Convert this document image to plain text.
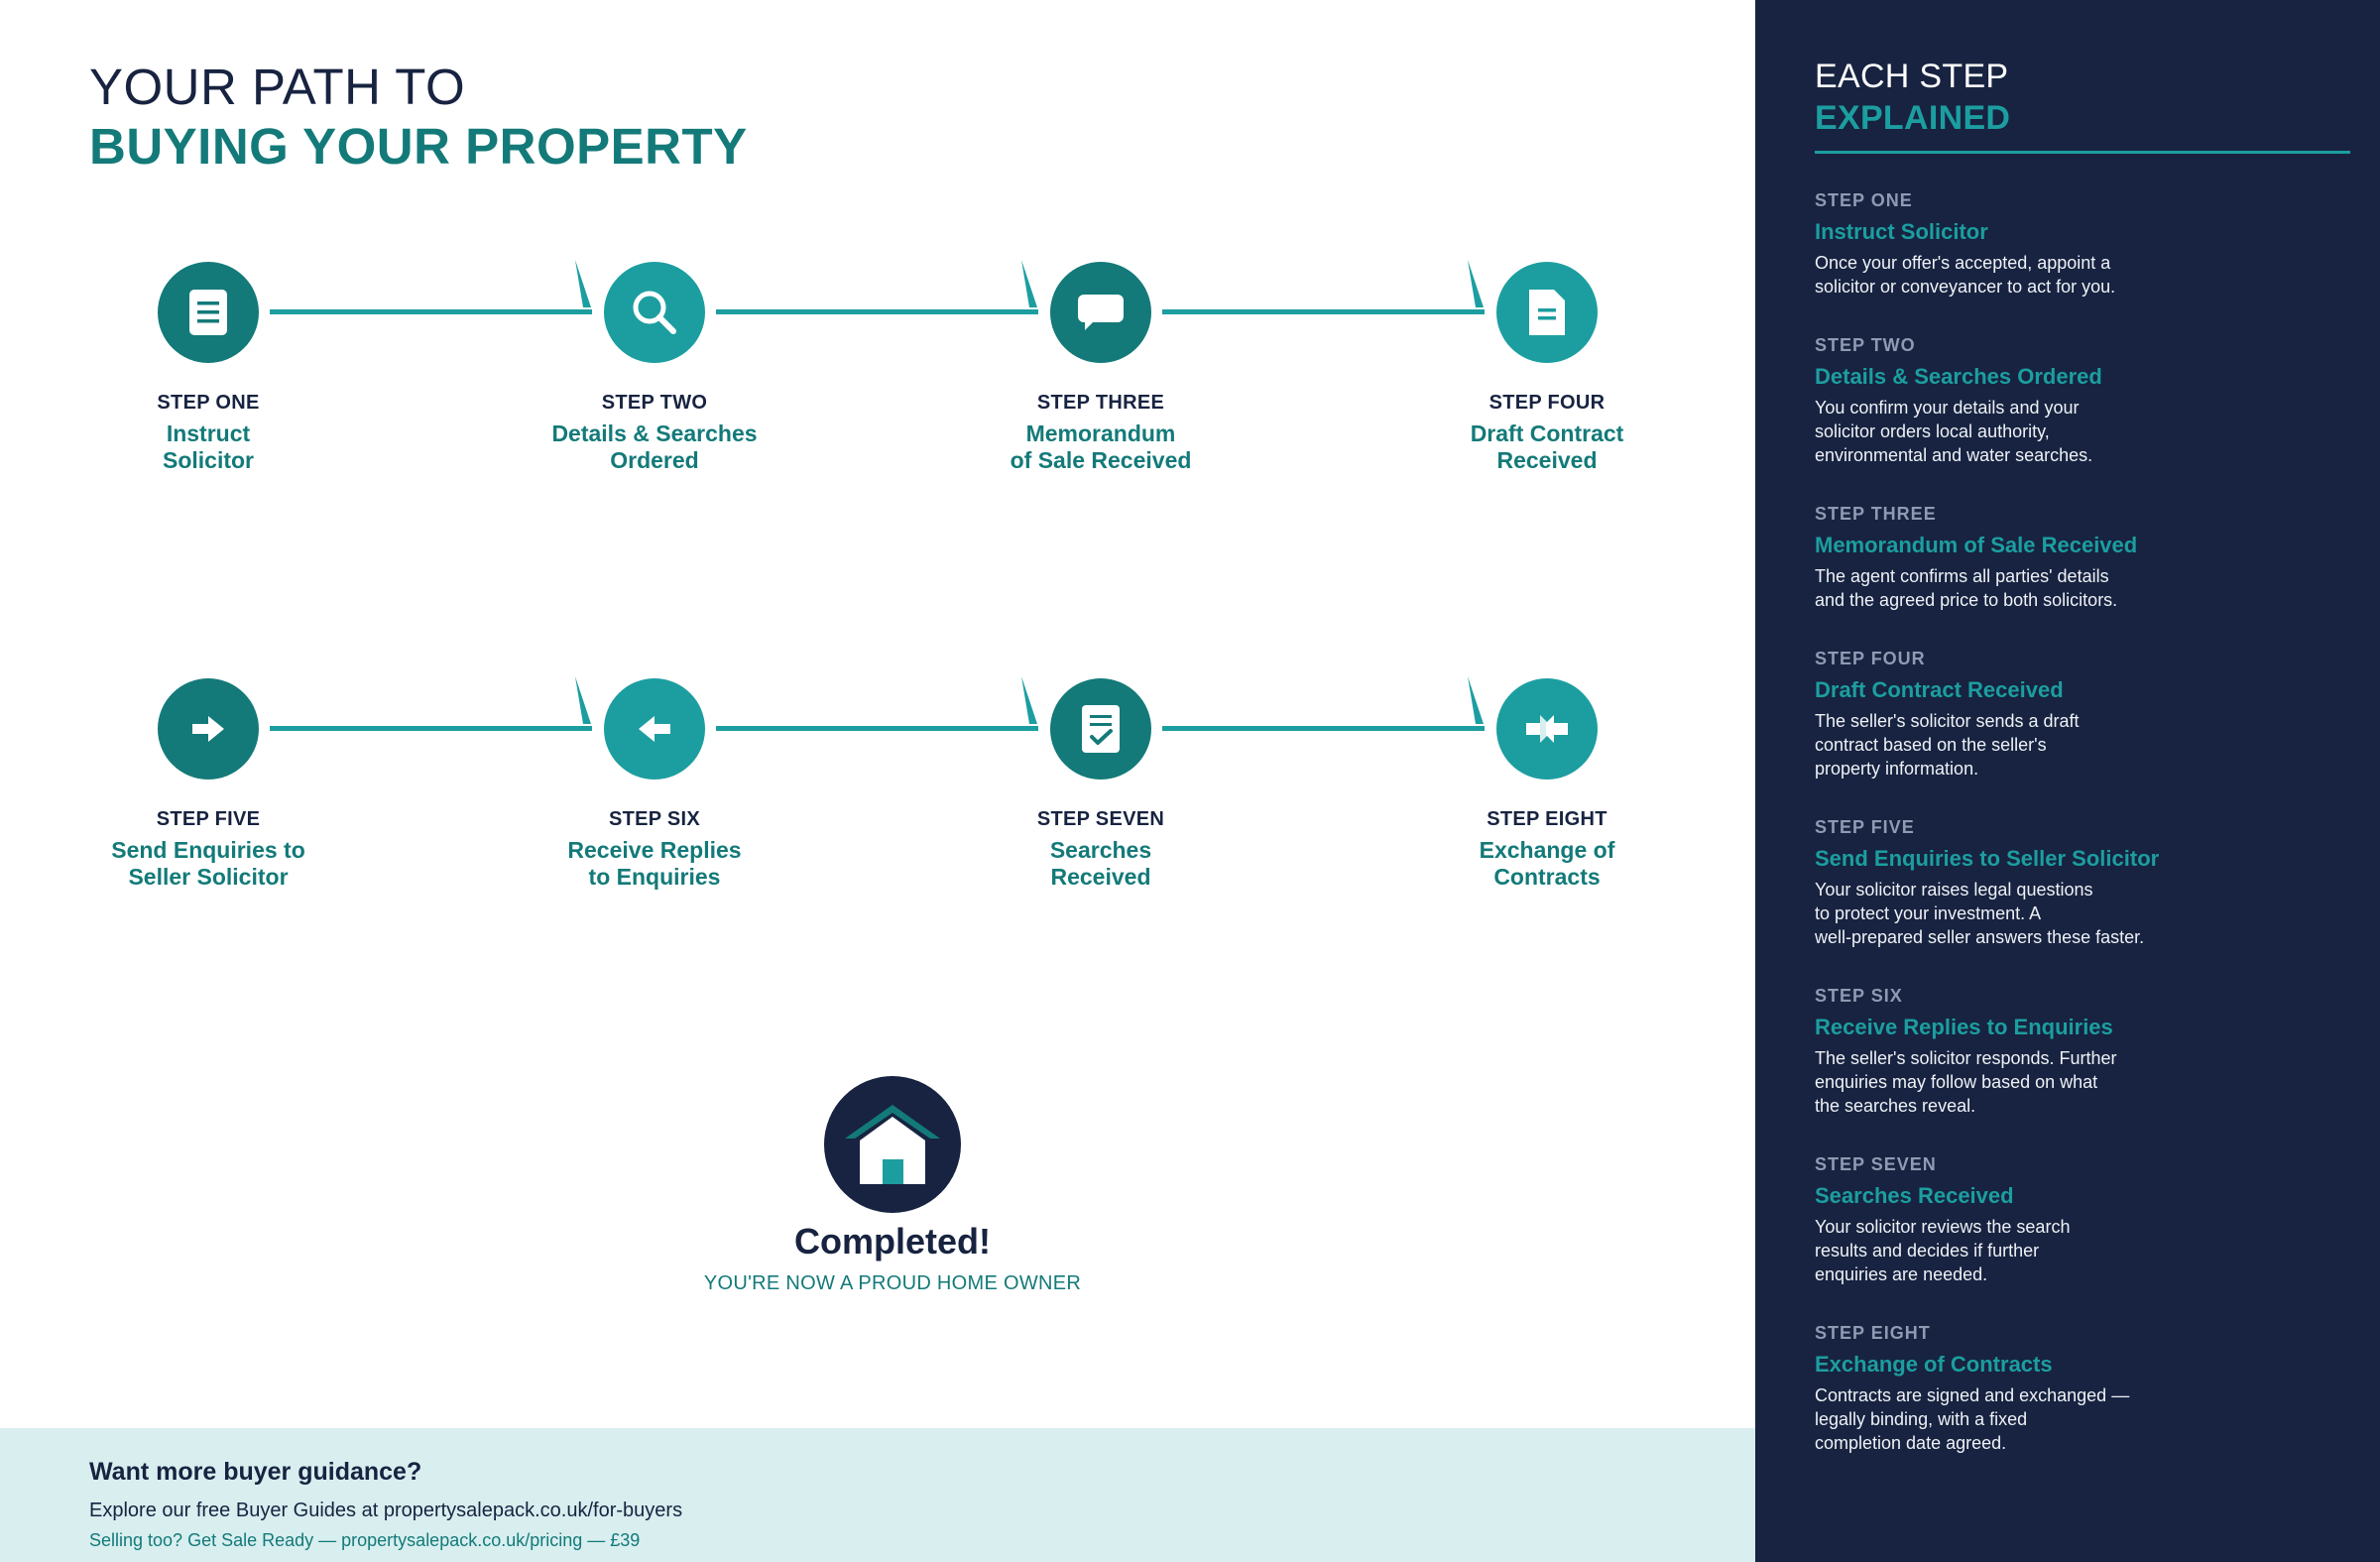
YOUR PATH TO
BUYING YOUR PROPERTY
STEP ONE
Instruct
Solicitor
STEP TWO
Details & Searches
Ordered
STEP THREE
Memorandum
of Sale Received
STEP FOUR
Draft Contract
Received
STEP FIVE
Send Enquiries to
Seller Solicitor
STEP SIX
Receive Replies
to Enquiries
STEP SEVEN
Searches
Received
STEP EIGHT
Exchange of
Contracts
Completed!
YOU'RE NOW A PROUD HOME OWNER
Want more buyer guidance?
Explore our free Buyer Guides at propertysalepack.co.uk/for-buyers
Selling too? Get Sale Ready — propertysalepack.co.uk/pricing — £39
EACH STEP
EXPLAINED
STEP ONE
Instruct Solicitor
Once your offer's accepted, appoint a
solicitor or conveyancer to act for you.
STEP TWO
Details & Searches Ordered
You confirm your details and your
solicitor orders local authority,
environmental and water searches.
STEP THREE
Memorandum of Sale Received
The agent confirms all parties' details
and the agreed price to both solicitors.
STEP FOUR
Draft Contract Received
The seller's solicitor sends a draft
contract based on the seller's
property information.
STEP FIVE
Send Enquiries to Seller Solicitor
Your solicitor raises legal questions
to protect your investment. A
well-prepared seller answers these faster.
STEP SIX
Receive Replies to Enquiries
The seller's solicitor responds. Further
enquiries may follow based on what
the searches reveal.
STEP SEVEN
Searches Received
Your solicitor reviews the search
results and decides if further
enquiries are needed.
STEP EIGHT
Exchange of Contracts
Contracts are signed and exchanged —
legally binding, with a fixed
completion date agreed.
